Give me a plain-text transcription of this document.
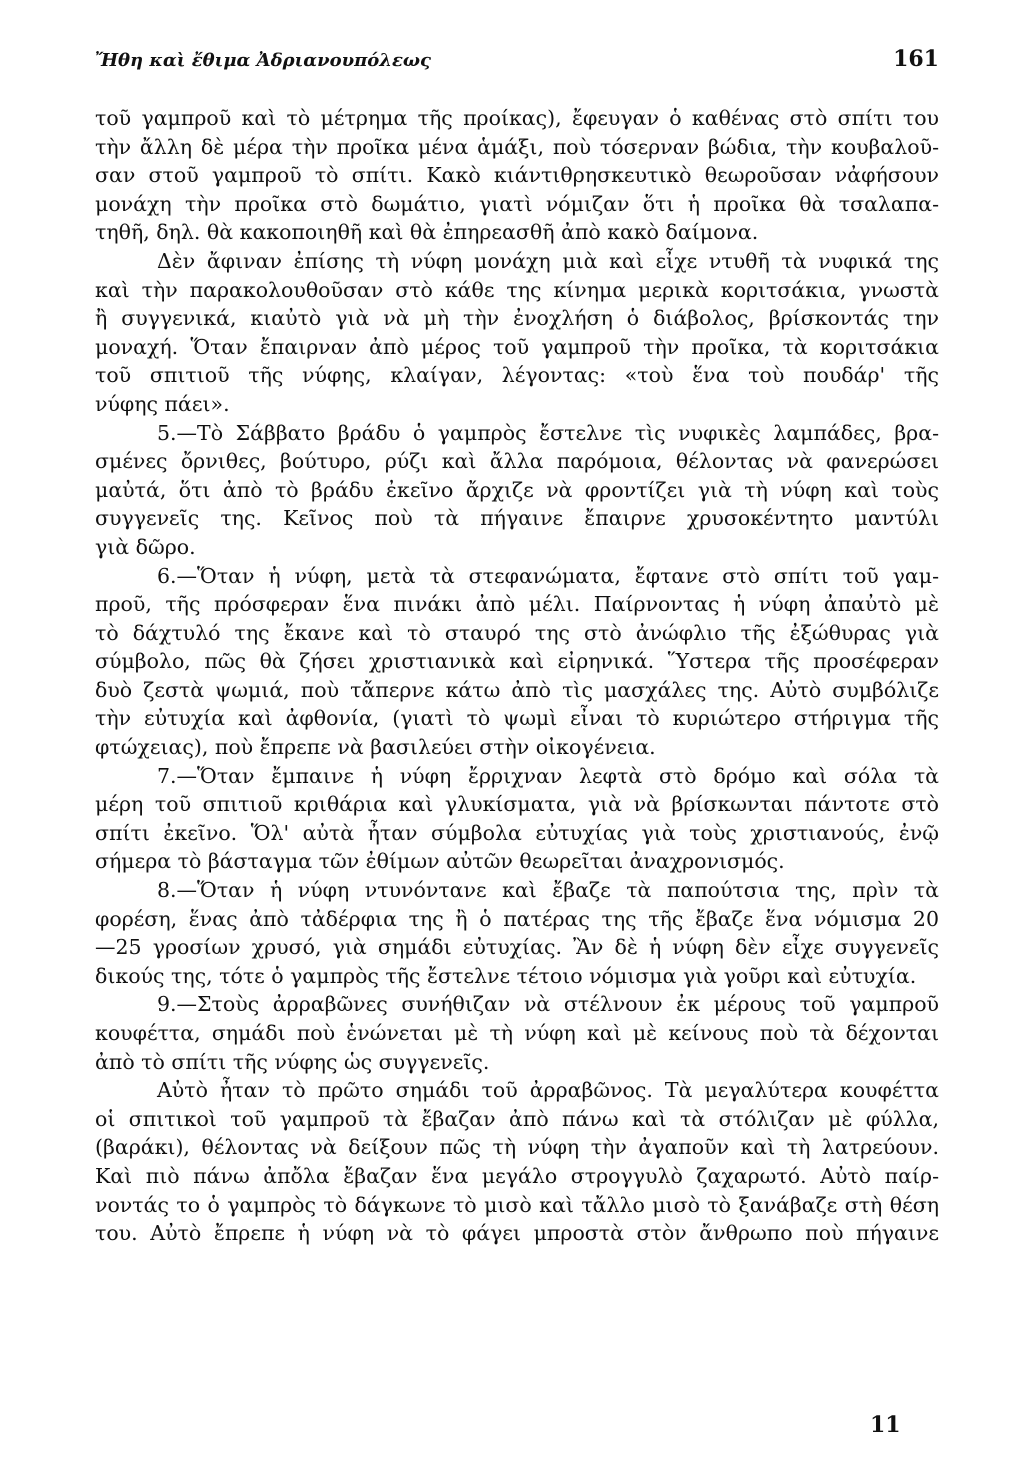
Ἤθη καὶ ἔθιμα Ἀδριανουπόλεως	161
τοῦ γαμπροῦ καὶ τὸ μέτρημα τῆς προίκας), ἔφευγαν ὁ καθένας στὸ σπίτι του
τὴν ἄλλη δὲ μέρα τὴν προῖκα μένα ἁμάξι, ποὺ τόσερναν βώδια, τὴν κουβαλοῦ-
σαν στοῦ γαμπροῦ τὸ σπίτι. Κακὸ κιάντιθρησκευτικὸ θεωροῦσαν νἀφήσουν
μονάχη τὴν προῖκα στὸ δωμάτιο, γιατὶ νόμιζαν ὅτι ἡ προῖκα θὰ τσαλαπα-
τηθῆ, δηλ. θὰ κακοποιηθῆ καὶ θὰ ἐπηρεασθῆ ἀπὸ κακὸ δαίμονα.
Δὲν ἄφιναν ἐπίσης τὴ νύφη μονάχη μιὰ καὶ εἶχε ντυθῆ τὰ νυφικά της
καὶ τὴν παρακολουθοῦσαν στὸ κάθε της κίνημα μερικὰ κοριτσάκια, γνωστὰ
ἢ συγγενικά, κιαὐτὸ γιὰ νὰ μὴ τὴν ἐνοχλήση ὁ διάβολος, βρίσκοντάς την
μοναχή. Ὅταν ἔπαιρναν ἀπὸ μέρος τοῦ γαμπροῦ τὴν προῖκα, τὰ κοριτσάκια
τοῦ σπιτιοῦ τῆς νύφης, κλαίγαν, λέγοντας: «τοὺ ἕνα τοὺ πουδάρ' τῆς
νύφης πάει».
5.—Τὸ Σάββατο βράδυ ὁ γαμπρὸς ἔστελνε τὶς νυφικὲς λαμπάδες, βρα-
σμένες ὄρνιθες, βούτυρο, ρύζι καὶ ἄλλα παρόμοια, θέλοντας νὰ φανερώσει
μαὐτά, ὅτι ἀπὸ τὸ βράδυ ἐκεῖνο ἄρχιζε νὰ φροντίζει γιὰ τὴ νύφη καὶ τοὺς
συγγενεῖς της. Κεῖνος ποὺ τὰ πήγαινε ἔπαιρνε χρυσοκέντητο μαντύλι
γιὰ δῶρο.
6.—Ὅταν ἡ νύφη, μετὰ τὰ στεφανώματα, ἔφτανε στὸ σπίτι τοῦ γαμ-
προῦ, τῆς πρόσφεραν ἕνα πινάκι ἀπὸ μέλι. Παίρνοντας ἡ νύφη ἀπαὐτὸ μὲ
τὸ δάχτυλό της ἔκανε καὶ τὸ σταυρό της στὸ ἀνώφλιο τῆς ἐξώθυρας γιὰ
σύμβολο, πῶς θὰ ζήσει χριστιανικὰ καὶ εἰρηνικά. Ὕστερα τῆς προσέφεραν
δυὸ ζεστὰ ψωμιά, ποὺ τἄπερνε κάτω ἀπὸ τὶς μασχάλες της. Αὐτὸ συμβόλιζε
τὴν εὐτυχία καὶ ἀφθονία, (γιατὶ τὸ ψωμὶ εἶναι τὸ κυριώτερο στήριγμα τῆς
φτώχειας), ποὺ ἔπρεπε νὰ βασιλεύει στὴν οἰκογένεια.
7.—Ὅταν ἔμπαινε ἡ νύφη ἔρριχναν λεφτὰ στὸ δρόμο καὶ σόλα τὰ
μέρη τοῦ σπιτιοῦ κριθάρια καὶ γλυκίσματα, γιὰ νὰ βρίσκωνται πάντοτε στὸ
σπίτι ἐκεῖνο. Ὅλ' αὐτὰ ἦταν σύμβολα εὐτυχίας γιὰ τοὺς χριστιανούς, ἐνῷ
σήμερα τὸ βάσταγμα τῶν ἐθίμων αὐτῶν θεωρεῖται ἀναχρονισμός.
8.—Ὅταν ἡ νύφη ντυνόντανε καὶ ἔβαζε τὰ παπούτσια της, πρὶν τὰ
φορέση, ἕνας ἀπὸ τἀδέρφια της ἢ ὁ πατέρας της τῆς ἔβαζε ἕνα νόμισμα 20
—25 γροσίων χρυσό, γιὰ σημάδι εὐτυχίας. Ἂν δὲ ἡ νύφη δὲν εἶχε συγγενεῖς
δικούς της, τότε ὁ γαμπρὸς τῆς ἔστελνε τέτοιο νόμισμα γιὰ γοῦρι καὶ εὐτυχία.
9.—Στοὺς ἀρραβῶνες συνήθιζαν νὰ στέλνουν ἐκ μέρους τοῦ γαμπροῦ
κουφέττα, σημάδι ποὺ ἑνώνεται μὲ τὴ νύφη καὶ μὲ κείνους ποὺ τὰ δέχονται
ἀπὸ τὸ σπίτι τῆς νύφης ὡς συγγενεῖς.
Αὐτὸ ἦταν τὸ πρῶτο σημάδι τοῦ ἀρραβῶνος. Τὰ μεγαλύτερα κουφέττα
οἱ σπιτικοὶ τοῦ γαμπροῦ τὰ ἔβαζαν ἀπὸ πάνω καὶ τὰ στόλιζαν μὲ φύλλα,
(βαράκι), θέλοντας νὰ δείξουν πῶς τὴ νύφη τὴν ἀγαποῦν καὶ τὴ λατρεύουν.
Καὶ πιὸ πάνω ἀπὄλα ἔβαζαν ἕνα μεγάλο στρογγυλὸ ζαχαρωτό. Αὐτὸ παίρ-
νοντάς το ὁ γαμπρὸς τὸ δάγκωνε τὸ μισὸ καὶ τἄλλο μισὸ τὸ ξανάβαζε στὴ θέση
του. Αὐτὸ ἔπρεπε ἡ νύφη νὰ τὸ φάγει μπροστὰ στὸν ἄνθρωπο ποὺ πήγαινε
11
